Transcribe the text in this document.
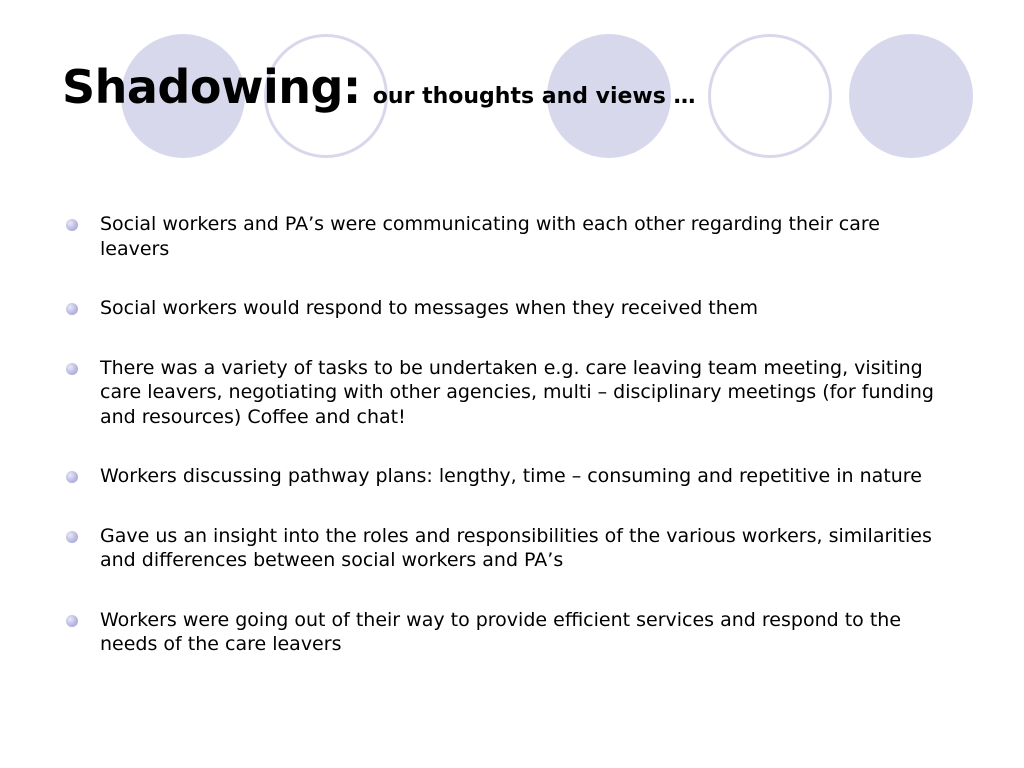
Shadowing: our thoughts and views …
Social workers and PA’s were communicating with each other regarding their care leavers
Social workers would respond to messages when they received them
There was a variety of tasks to be undertaken e.g. care leaving team meeting, visiting care leavers, negotiating with other agencies, multi – disciplinary meetings (for funding and resources) Coffee and chat!
Workers discussing pathway plans: lengthy, time – consuming and repetitive in nature
Gave us an insight into the roles and responsibilities of the various workers, similarities and differences between social workers and PA’s
Workers were going out of their way to provide efficient services and respond to the needs of the care leavers
